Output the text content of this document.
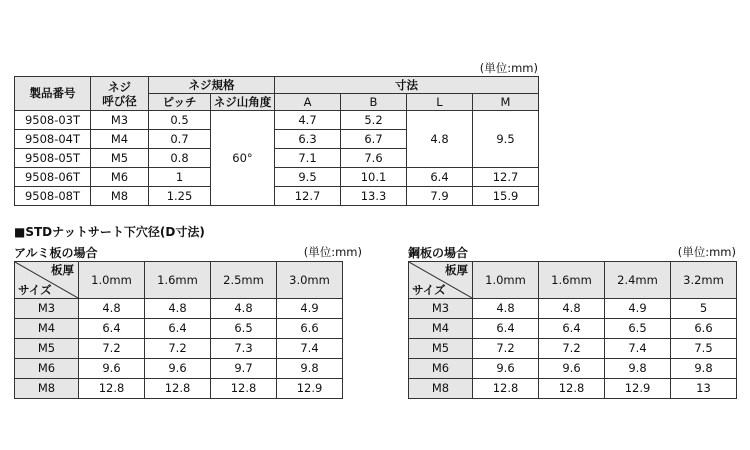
(単位:mm)
製品番号	ネジ
呼び径	ネジ規格		寸法			
		ピッチ	ネジ山角度	A	B	L	M
9508-03T	M3	0.5	60°	4.7	5.2	4.8	9.5
9508-04T	M4	0.7		6.3	6.7		
9508-05T	M5	0.8		7.1	7.6		
9508-06T	M6	1		9.5	10.1	6.4	12.7
9508-08T	M8	1.25		12.7	13.3	7.9	15.9
■STDナットサート下穴径(D寸法)
アルミ板の場合	(単位:mm)
板厚
サイズ	1.0mm	1.6mm	2.5mm	3.0mm
M3	4.8	4.8	4.8	4.9
M4	6.4	6.4	6.5	6.6
M5	7.2	7.2	7.3	7.4
M6	9.6	9.6	9.7	9.8
M8	12.8	12.8	12.8	12.9
鋼板の場合	(単位:mm)
板厚
サイズ	1.0mm	1.6mm	2.4mm	3.2mm
M3	4.8	4.8	4.9	5
M4	6.4	6.4	6.5	6.6
M5	7.2	7.2	7.4	7.5
M6	9.6	9.6	9.8	9.8
M8	12.8	12.8	12.9	13
